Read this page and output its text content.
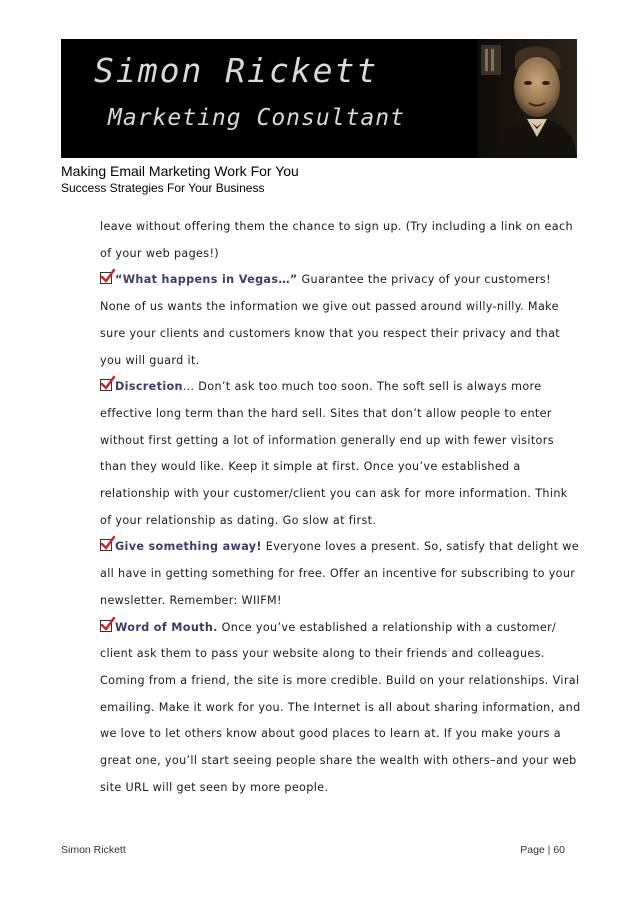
Simon Rickett
Marketing Consultant
Making Email Marketing Work For You
Success Strategies For Your Business

leave without offering them the chance to sign up. (Try including a link on each of your web pages!)

“What happens in Vegas…” Guarantee the privacy of your customers! None of us wants the information we give out passed around willy-nilly. Make sure your clients and customers know that you respect their privacy and that you will guard it.

Discretion… Don’t ask too much too soon. The soft sell is always more effective long term than the hard sell. Sites that don’t allow people to enter without first getting a lot of information generally end up with fewer visitors than they would like. Keep it simple at first. Once you’ve established a relationship with your customer/client you can ask for more information. Think of your relationship as dating. Go slow at first.

Give something away! Everyone loves a present. So, satisfy that delight we all have in getting something for free. Offer an incentive for subscribing to your newsletter. Remember: WIIFM!

Word of Mouth. Once you’ve established a relationship with a customer/ client ask them to pass your website along to their friends and colleagues. Coming from a friend, the site is more credible. Build on your relationships. Viral emailing. Make it work for you. The Internet is all about sharing information, and we love to let others know about good places to learn at. If you make yours a great one, you’ll start seeing people share the wealth with others–and your web site URL will get seen by more people.

Simon Rickett	Page | 60
